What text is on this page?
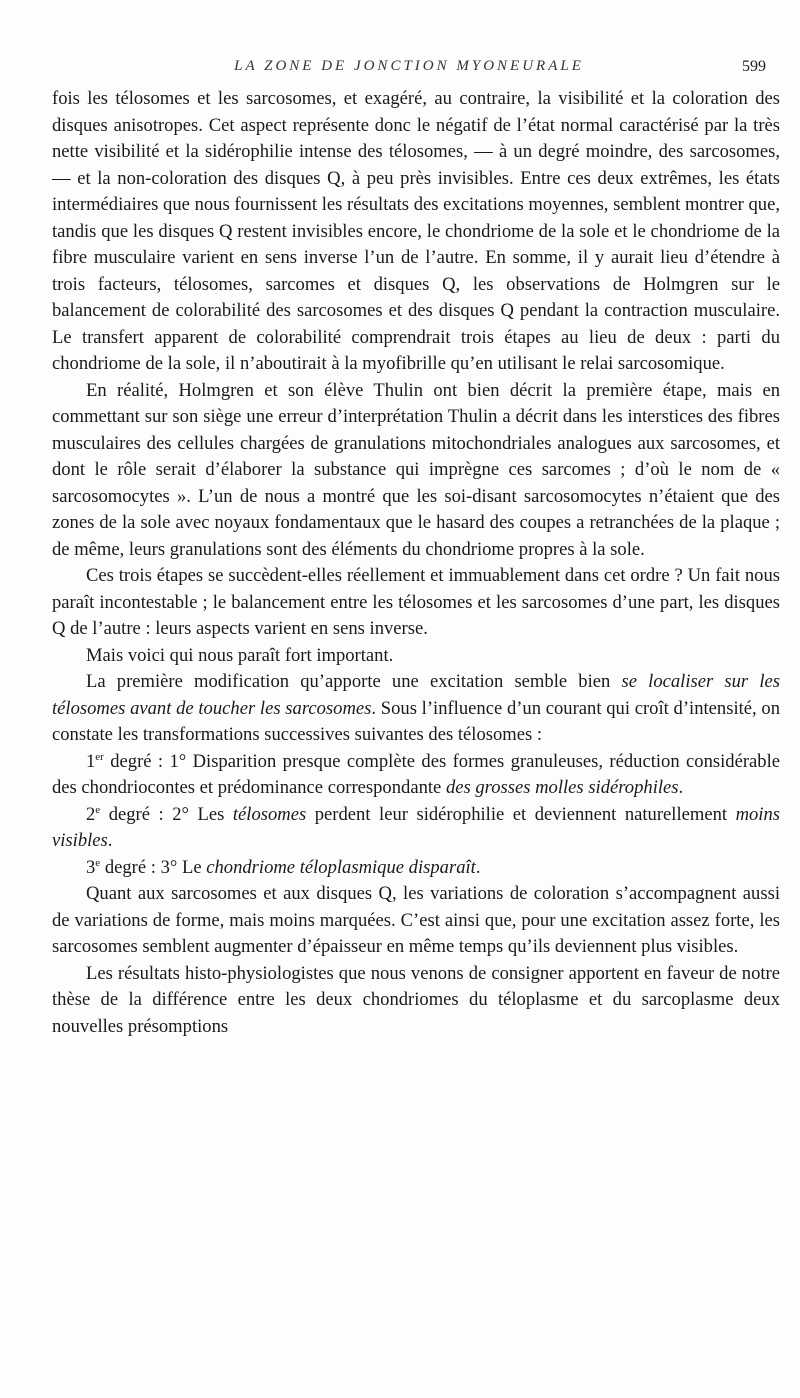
LA ZONE DE JONCTION MYONEURALE	599

fois les télosomes et les sarcosomes, et exagéré, au contraire, la visibilité et la coloration des disques anisotropes. Cet aspect représente donc le négatif de l’état normal caractérisé par la très nette visibilité et la sidérophilie intense des télosomes, — à un degré moindre, des sarcosomes, — et la non-coloration des disques Q, à peu près invisibles. Entre ces deux extrêmes, les états intermédiaires que nous fournissent les résultats des excitations moyennes, semblent montrer que, tandis que les disques Q restent invisibles encore, le chondriome de la sole et le chondriome de la fibre musculaire varient en sens inverse l’un de l’autre. En somme, il y aurait lieu d’étendre à trois facteurs, télosomes, sarcomes et disques Q, les observations de Holmgren sur le balancement de colorabilité des sarcosomes et des disques Q pendant la contraction musculaire. Le transfert apparent de colorabilité comprendrait trois étapes au lieu de deux : parti du chondriome de la sole, il n’aboutirait à la myofibrille qu’en utilisant le relai sarcosomique.

En réalité, Holmgren et son élève Thulin ont bien décrit la première étape, mais en commettant sur son siège une erreur d’interprétation Thulin a décrit dans les interstices des fibres musculaires des cellules chargées de granulations mitochondriales analogues aux sarcosomes, et dont le rôle serait d’élaborer la substance qui imprègne ces sarcomes ; d’où le nom de « sarcosomocytes ». L’un de nous a montré que les soi-disant sarcosomocytes n’étaient que des zones de la sole avec noyaux fondamentaux que le hasard des coupes a retranchées de la plaque ; de même, leurs granulations sont des éléments du chondriome propres à la sole.

Ces trois étapes se succèdent-elles réellement et immuablement dans cet ordre ? Un fait nous paraît incontestable ; le balancement entre les télosomes et les sarcosomes d’une part, les disques Q de l’autre : leurs aspects varient en sens inverse.

Mais voici qui nous paraît fort important.

La première modification qu’apporte une excitation semble bien se localiser sur les télosomes avant de toucher les sarcosomes. Sous l’influence d’un courant qui croît d’intensité, on constate les transformations successives suivantes des télosomes :

1er degré : 1° Disparition presque complète des formes granuleuses, réduction considérable des chondriocontes et prédominance correspondante des grosses molles sidérophiles.

2e degré : 2° Les télosomes perdent leur sidérophilie et deviennent naturellement moins visibles.

3e degré : 3° Le chondriome téloplasmique disparaît.

Quant aux sarcosomes et aux disques Q, les variations de coloration s’accompagnent aussi de variations de forme, mais moins marquées. C’est ainsi que, pour une excitation assez forte, les sarcosomes semblent augmenter d’épaisseur en même temps qu’ils deviennent plus visibles.

Les résultats histo-physiologistes que nous venons de consigner apportent en faveur de notre thèse de la différence entre les deux chondriomes du téloplasme et du sarcoplasme deux nouvelles présomptions
